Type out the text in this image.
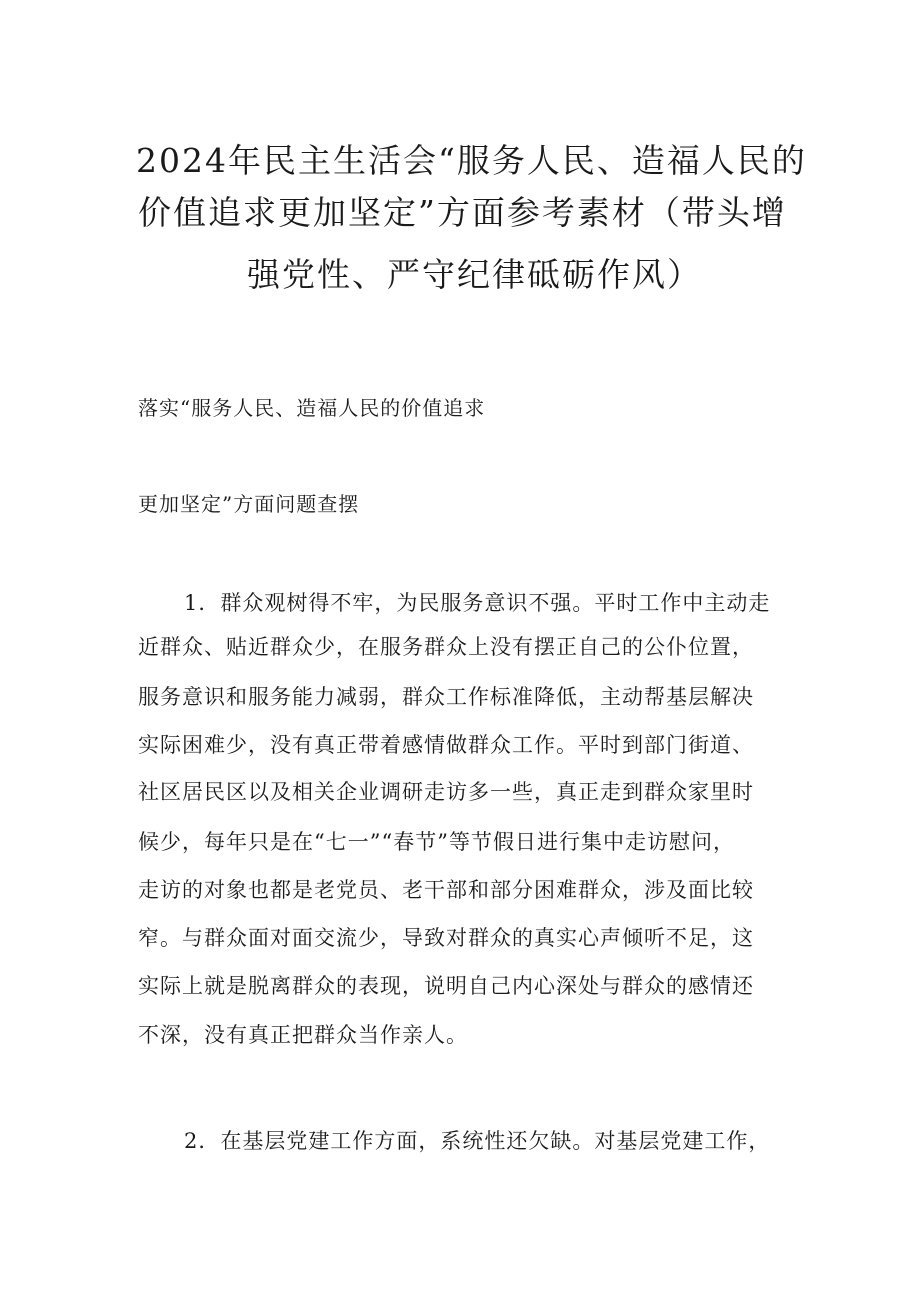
2024年民主生活会“服务人民、造福人民的
价值追求更加坚定”方面参考素材（带头增
强党性、严守纪律砥砺作风）
落实“服务人民、造福人民的价值追求
更加坚定”方面问题查摆
1．群众观树得不牢，为民服务意识不强。平时工作中主动走
近群众、贴近群众少，在服务群众上没有摆正自己的公仆位置，
服务意识和服务能力减弱，群众工作标准降低，主动帮基层解决
实际困难少，没有真正带着感情做群众工作。平时到部门街道、
社区居民区以及相关企业调研走访多一些，真正走到群众家里时
候少，每年只是在“七一”“春节”等节假日进行集中走访慰问，
走访的对象也都是老党员、老干部和部分困难群众，涉及面比较
窄。与群众面对面交流少，导致对群众的真实心声倾听不足，这
实际上就是脱离群众的表现，说明自己内心深处与群众的感情还
不深，没有真正把群众当作亲人。
2．在基层党建工作方面，系统性还欠缺。对基层党建工作，
